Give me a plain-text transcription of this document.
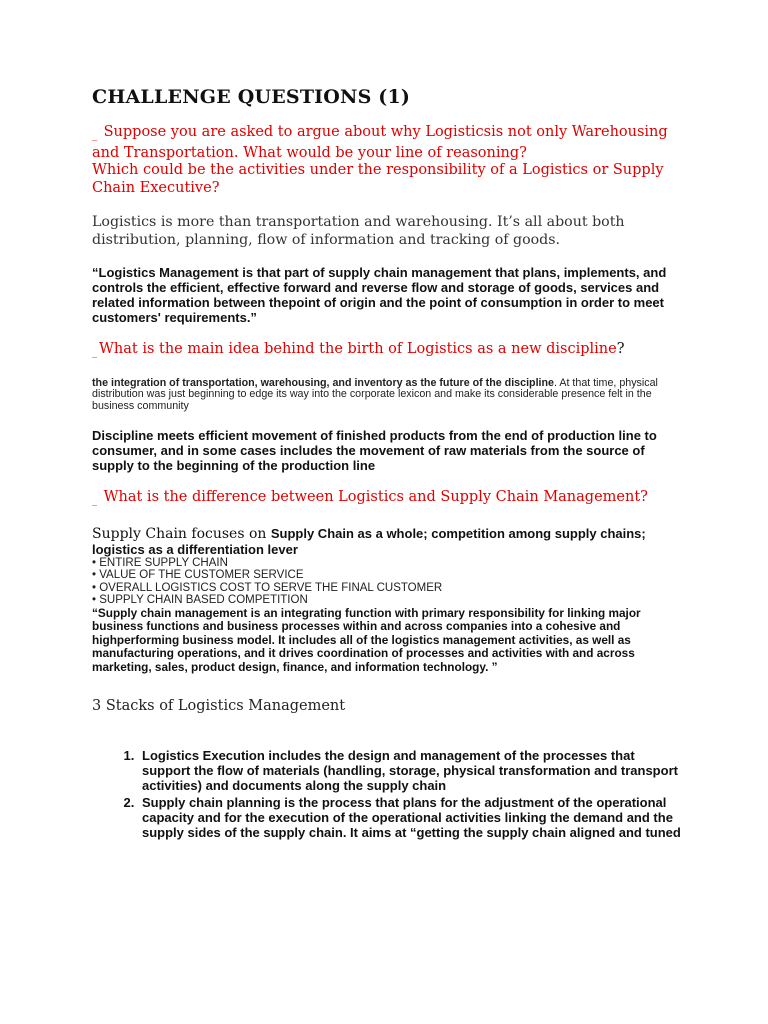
CHALLENGE QUESTIONS (1)
_ Suppose you are asked to argue about why Logisticsis not only Warehousing and Transportation. What would be your line of reasoning?
Which could be the activities under the responsibility of a Logistics or Supply Chain Executive?

Logistics is more than transportation and warehousing. It’s all about both distribution, planning, flow of information and tracking of goods.

“Logistics Management is that part of supply chain management that plans, implements, and controls the efficient, effective forward and reverse flow and storage of goods, services and related information between thepoint of origin and the point of consumption in order to meet customers' requirements.”

_ What is the main idea behind the birth of Logistics as a new discipline?

the integration of transportation, warehousing, and inventory as the future of the discipline. At that time, physical distribution was just beginning to edge its way into the corporate lexicon and make its considerable presence felt in the business community

Discipline meets efficient movement of finished products from the end of production line to consumer, and in some cases includes the movement of raw materials from the source of supply to the beginning of the production line

_ What is the difference between Logistics and Supply Chain Management?

Supply Chain focuses on Supply Chain as a whole; competition among supply chains; logistics as a differentiation lever

• ENTIRE SUPPLY CHAIN
• VALUE OF THE CUSTOMER SERVICE
• OVERALL LOGISTICS COST TO SERVE THE FINAL CUSTOMER
• SUPPLY CHAIN BASED COMPETITION

“Supply chain management is an integrating function with primary responsibility for linking major business functions and business processes within and across companies into a cohesive and highperforming business model. It includes all of the logistics management activities, as well as manufacturing operations, and it drives coordination of processes and activities with and across marketing, sales, product design, finance, and information technology. ”

3 Stacks of Logistics Management
1. Logistics Execution includes the design and management of the processes that support the flow of materials (handling, storage, physical transformation and transport activities) and documents along the supply chain
2. Supply chain planning is the process that plans for the adjustment of the operational capacity and for the execution of the operational activities linking the demand and the supply sides of the supply chain. It aims at “getting the supply chain aligned and tuned
